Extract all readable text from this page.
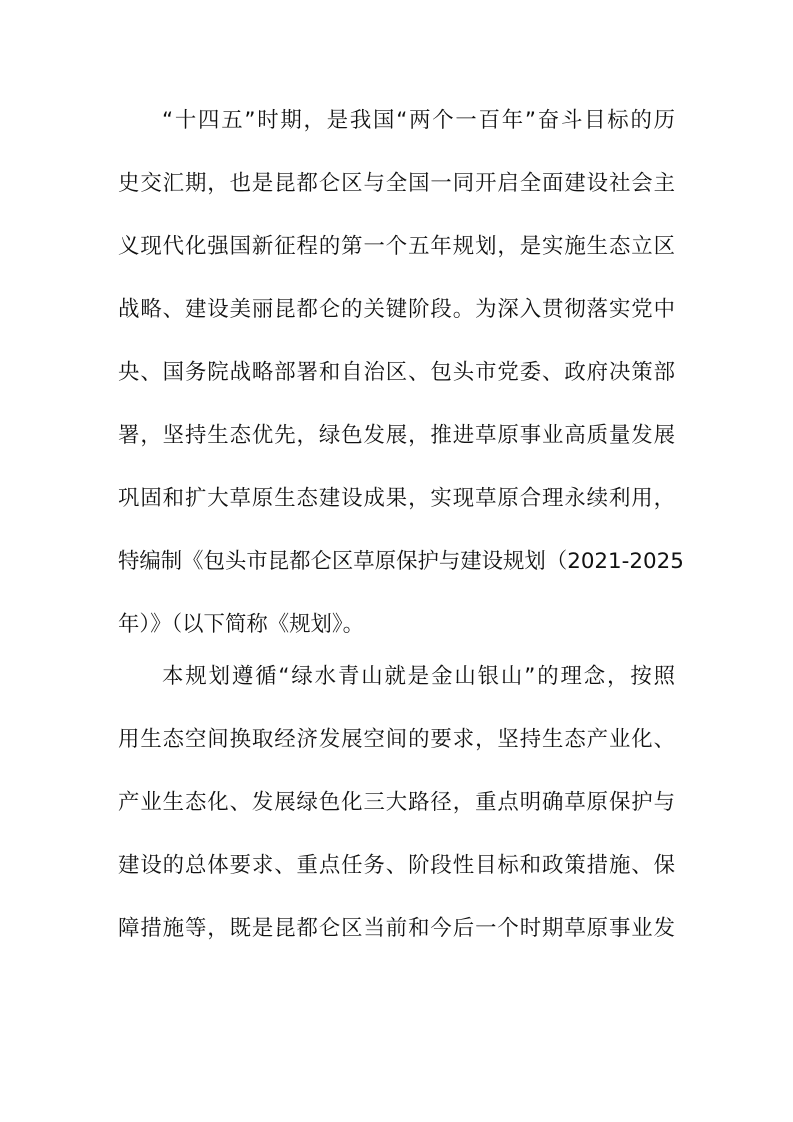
“十四五”时期，是我国“两个一百年”奋斗目标的历
史交汇期，也是昆都仑区与全国一同开启全面建设社会主
义现代化强国新征程的第一个五年规划，是实施生态立区
战略、建设美丽昆都仑的关键阶段。为深入贯彻落实党中
央、国务院战略部署和自治区、包头市党委、政府决策部
署，坚持生态优先，绿色发展，推进草原事业高质量发展
巩固和扩大草原生态建设成果，实现草原合理永续利用，
特编制《包头市昆都仑区草原保护与建设规划（2021-2025
年）》（以下简称《规划》。
本规划遵循“绿水青山就是金山银山”的理念，按照
用生态空间换取经济发展空间的要求，坚持生态产业化、
产业生态化、发展绿色化三大路径，重点明确草原保护与
建设的总体要求、重点任务、阶段性目标和政策措施、保
障措施等，既是昆都仑区当前和今后一个时期草原事业发
